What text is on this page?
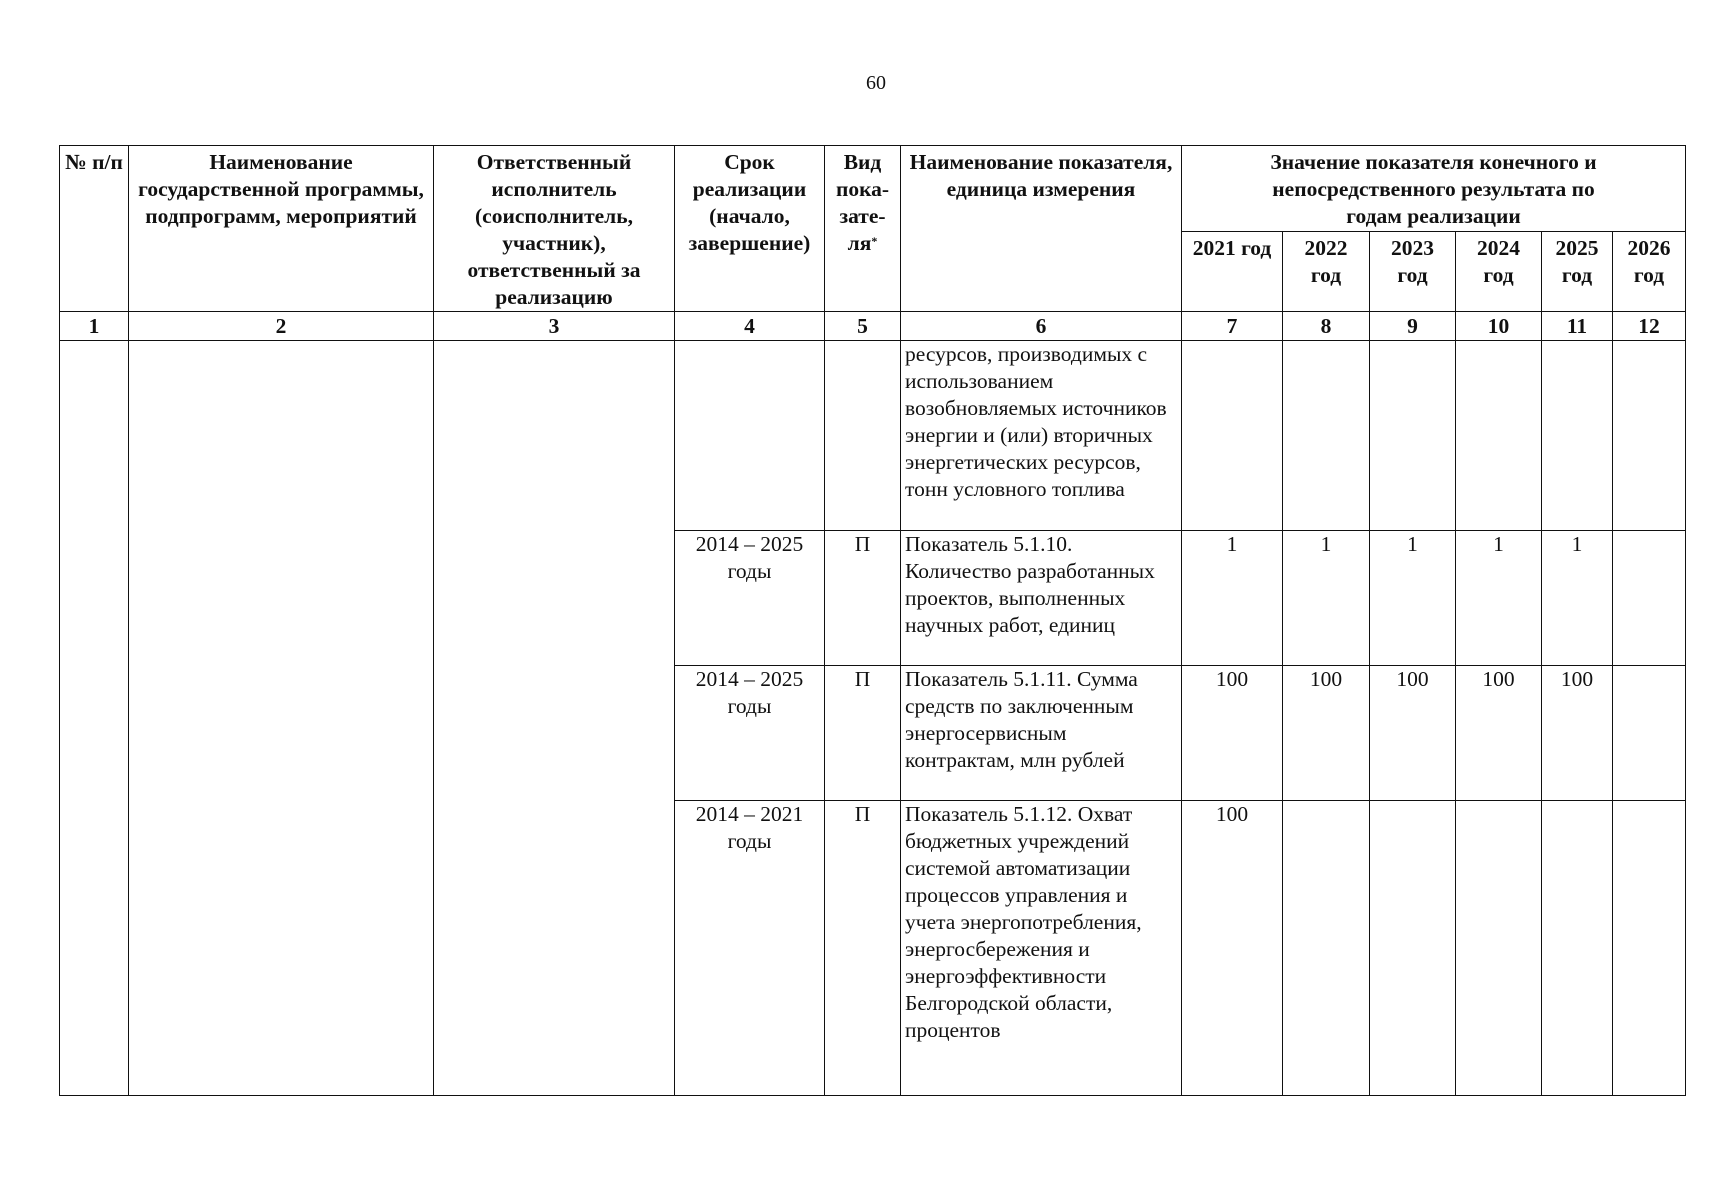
60
№ п/п	Наименование государственной программы, подпрограмм, мероприятий	Ответственный исполнитель (соисполнитель, участник), ответственный за реализацию	Срок реализации (начало, завершение)	Вид пока-
зате-
ля*	Наименование показателя, единица измерения	Значение показателя конечного и непосредственного результата по годам реализации					
						2021 год	2022 год	2023 год	2024 год	2025 год	2026 год
1	2	3	4	5	6	7	8	9	10	11	12
					ресурсов, производимых с использованием возобновляемых источников энергии и (или) вторичных энергетических ресурсов, тонн условного топлива						
			2014 – 2025 годы	П	Показатель 5.1.10. Количество разработанных проектов, выполненных научных работ, единиц	1	1	1	1	1	
			2014 – 2025 годы	П	Показатель 5.1.11. Сумма средств по заключенным энергосервисным контрактам, млн рублей	100	100	100	100	100	
			2014 – 2021 годы	П	Показатель 5.1.12. Охват бюджетных учреждений системой автоматизации процессов управления и учета энергопотребления, энергосбережения и энергоэффективности Белгородской области, процентов	100					
